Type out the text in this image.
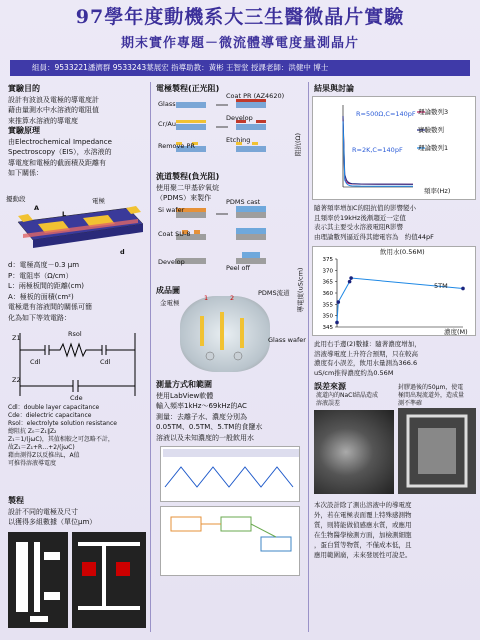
97學年度動機系大三生醫微晶片實驗
期末實作專題－微流體導電度量測晶片
組員：9533221潘濟群 9533243葉展宏 指導助教：黃彬 王智堂 授課老師：洪健中 博士
實驗目的
設計有波浪及電極的導電度計
藉由量測水中水溶液的電阻值
來推算水溶液的導電度
實驗原理
由Electrochemical Impedance
Spectroscopy（EIS），水溶液的
導電度和電極的截面積及距離有
如下關係：
擾動段	電極
A
L
d
d：電極高度－0.3 μm
P：電阻率（Ω/cm）
L：兩極板間的距離(cm)
A：極板的面積(cm²)
電極還有溶液間的關係可簡
化為如下等效電路：
Z1
Z2
Rsol
Cdl	Cdl
Cde
Cdl：double layer capacitance
Cde：dielectric capacitance
Rsol：electrolyte solution resistance
總阻抗 Z₀＝Z₁∥Z₂
Z₁＝1/(jωC)，其值相較之可忽略不計，
故Z₁＝Z₁+R…+2/(jωC)
藉由測得Z以反推出L，A值
可推得溶液導電度
製程
設計不同的電極及尺寸
以獲得多組數據（單位μm）
電極製程(正光阻)
Glass
Cr/Au
Remove PR
Coat PR (AZ4620)
Develop
Etching
流道製程(負光阻)
使用聚二甲基矽氧烷
（PDMS）來製作
Si wafer
Coat SU-8
Develop
PDMS cast
Peel off
成品圖
金電極
1	2
PDMS流道
Glass wafer
測量方式和範圍
使用LabView軟體
輸入頻率1kHz～69kHz的AC
測量：去離子水、濃度分別為
0.05TM、0.5TM、5.TM的食鹽水
溶液以及未知濃度的一般飲用水
結果與討論
阻抗(Ω)
頻率(Hz)
R=500Ω,C=140pF
R=2K,C=140pF
理論數列3
實驗數列
理論數列1
隨著頻率增加C的阻抗值的影響變小
且頻率於19kHz後漸趨近一定值
表示其主要受水溶液電阻R影響
由理論數列逼近得其總電容為   約值44pF
345
350
355
360
365
370
375
飲用水(0.56M)
導電度(uS/cm)
濃度(M)
5TM
此用右手邊(2)數據：隨著濃度增加，
溶液導電度上升符合預期，只在較高
濃度有小誤差，飲用水量測為366.6
uS/cm推得濃度約為0.56M
誤差來源
流道內的NaCl結晶造成
溶液誤差
封膠過後的50μm，使電
極間出現流道外，造成量
測不準確
本次設計除了測出溶液中的導電度
外，若在電極表面覆上特殊感測物
質，則將能做偵感應水質，或應用
在生物醫學檢測方面，加檢測細胞
，蛋白質等物質，不僅成本低，且
應用範圍廣，未來發展性可說是。
